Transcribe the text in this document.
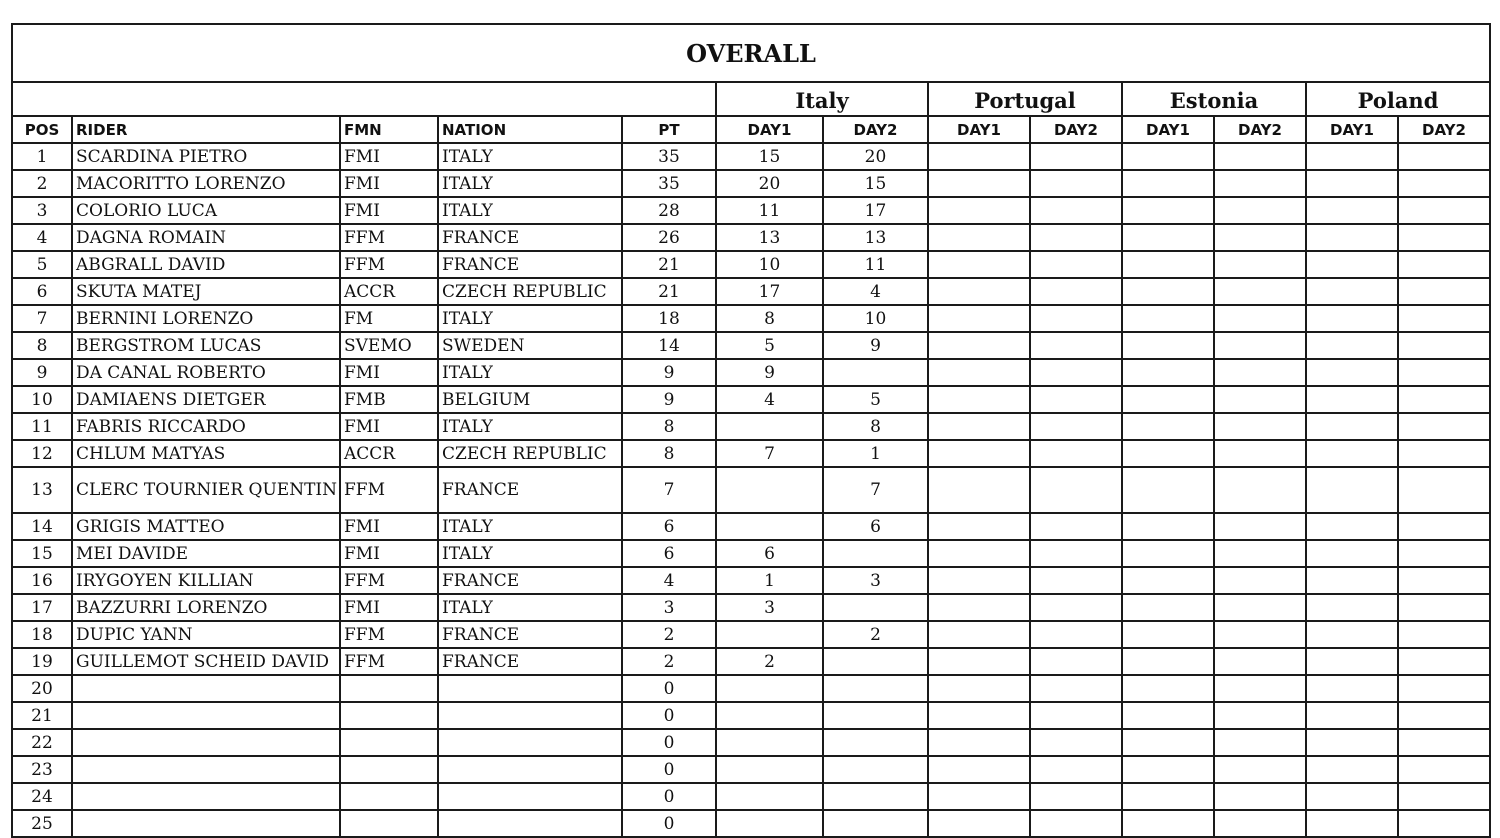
OVERALL												
					Italy		Portugal		Estonia		Poland	
POS	RIDER	FMN	NATION	PT	DAY1	DAY2	DAY1	DAY2	DAY1	DAY2	DAY1	DAY2
1	SCARDINA PIETRO	FMI	ITALY	35	15	20						
2	MACORITTO LORENZO	FMI	ITALY	35	20	15						
3	COLORIO LUCA	FMI	ITALY	28	11	17						
4	DAGNA ROMAIN	FFM	FRANCE	26	13	13						
5	ABGRALL DAVID	FFM	FRANCE	21	10	11						
6	SKUTA MATEJ	ACCR	CZECH REPUBLIC	21	17	4						
7	BERNINI LORENZO	FM	ITALY	18	8	10						
8	BERGSTROM LUCAS	SVEMO	SWEDEN	14	5	9						
9	DA CANAL ROBERTO	FMI	ITALY	9	9							
10	DAMIAENS DIETGER	FMB	BELGIUM	9	4	5						
11	FABRIS RICCARDO	FMI	ITALY	8		8						
12	CHLUM MATYAS	ACCR	CZECH REPUBLIC	8	7	1						
13	CLERC TOURNIER QUENTIN	FFM	FRANCE	7		7						
14	GRIGIS MATTEO	FMI	ITALY	6		6						
15	MEI DAVIDE	FMI	ITALY	6	6							
16	IRYGOYEN KILLIAN	FFM	FRANCE	4	1	3						
17	BAZZURRI LORENZO	FMI	ITALY	3	3							
18	DUPIC YANN	FFM	FRANCE	2		2						
19	GUILLEMOT SCHEID DAVID	FFM	FRANCE	2	2							
20				0								
21				0								
22				0								
23				0								
24				0								
25				0								
